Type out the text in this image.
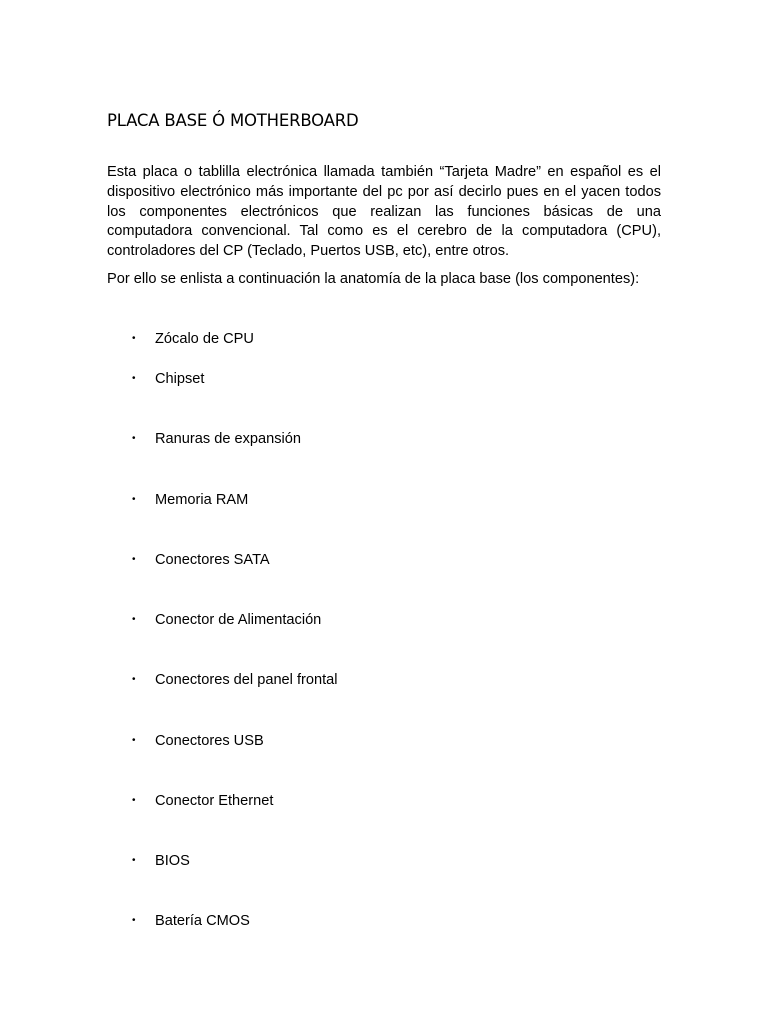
PLACA BASE Ó MOTHERBOARD

Esta placa o tablilla electrónica llamada también “Tarjeta Madre” en español es el dispositivo electrónico más importante del pc por así decirlo pues en el yacen todos los componentes electrónicos que realizan las funciones básicas de una computadora convencional. Tal como es el cerebro de la computadora (CPU), controladores del CP (Teclado, Puertos USB, etc), entre otros.

Por ello se enlista a continuación la anatomía de la placa base (los componentes):

• Zócalo de CPU
• Chipset
• Ranuras de expansión
• Memoria RAM
• Conectores SATA
• Conector de Alimentación
• Conectores del panel frontal
• Conectores USB
• Conector Ethernet
• BIOS
• Batería CMOS
